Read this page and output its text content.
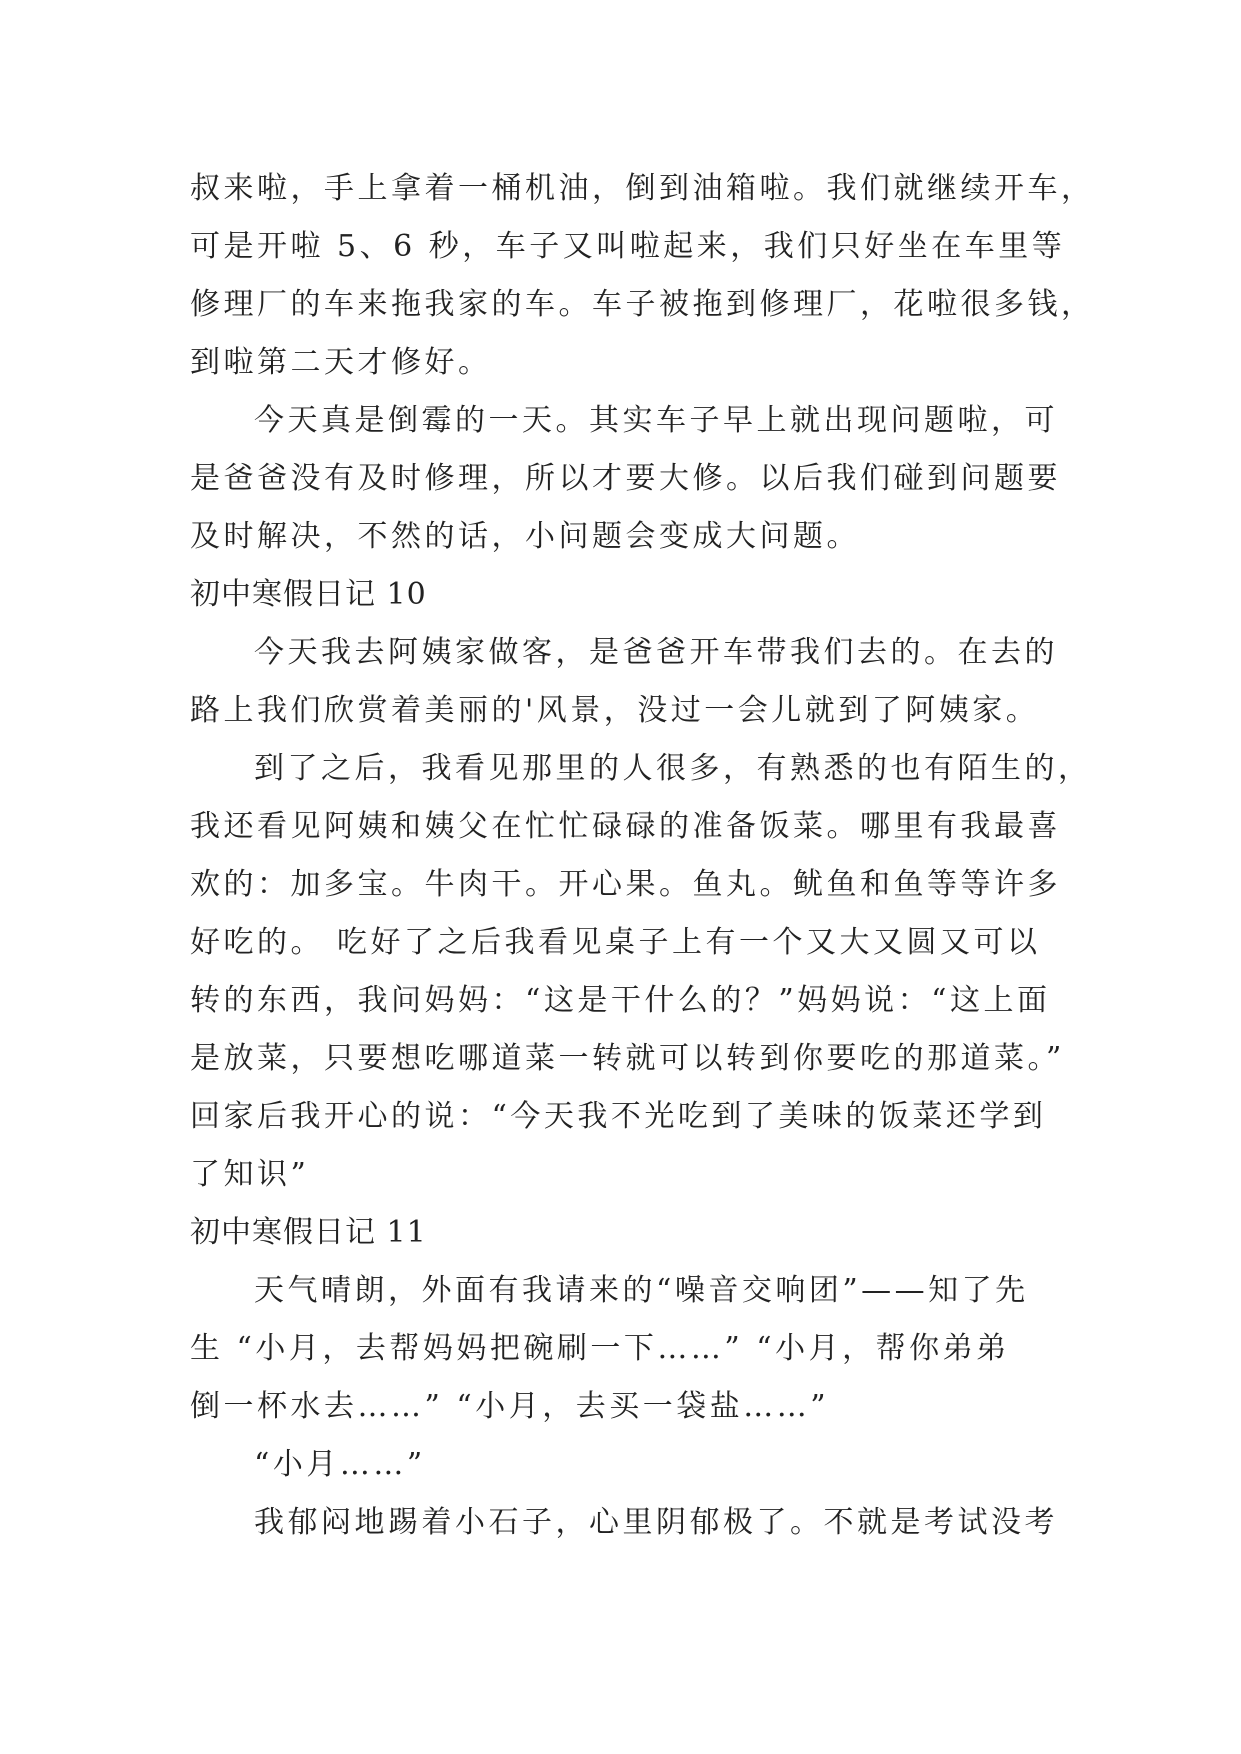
叔来啦，手上拿着一桶机油，倒到油箱啦。我们就继续开车，
可是开啦 5、6 秒，车子又叫啦起来，我们只好坐在车里等
修理厂的车来拖我家的车。车子被拖到修理厂，花啦很多钱，
到啦第二天才修好。
今天真是倒霉的一天。其实车子早上就出现问题啦，可
是爸爸没有及时修理，所以才要大修。以后我们碰到问题要
及时解决，不然的话，小问题会变成大问题。
初中寒假日记 10
今天我去阿姨家做客，是爸爸开车带我们去的。在去的
路上我们欣赏着美丽的'风景，没过一会儿就到了阿姨家。
到了之后，我看见那里的人很多，有熟悉的也有陌生的，
我还看见阿姨和姨父在忙忙碌碌的准备饭菜。哪里有我最喜
欢的：加多宝。牛肉干。开心果。鱼丸。鱿鱼和鱼等等许多
好吃的。 吃好了之后我看见桌子上有一个又大又圆又可以
转的东西，我问妈妈：“这是干什么的？”妈妈说：“这上面
是放菜，只要想吃哪道菜一转就可以转到你要吃的那道菜。”
回家后我开心的说：“今天我不光吃到了美味的饭菜还学到
了知识”
初中寒假日记 11
天气晴朗，外面有我请来的“噪音交响团”——知了先
生 “小月，去帮妈妈把碗刷一下……” “小月，帮你弟弟
倒一杯水去……” “小月，去买一袋盐……”
“小月……”
我郁闷地踢着小石子，心里阴郁极了。不就是考试没考
